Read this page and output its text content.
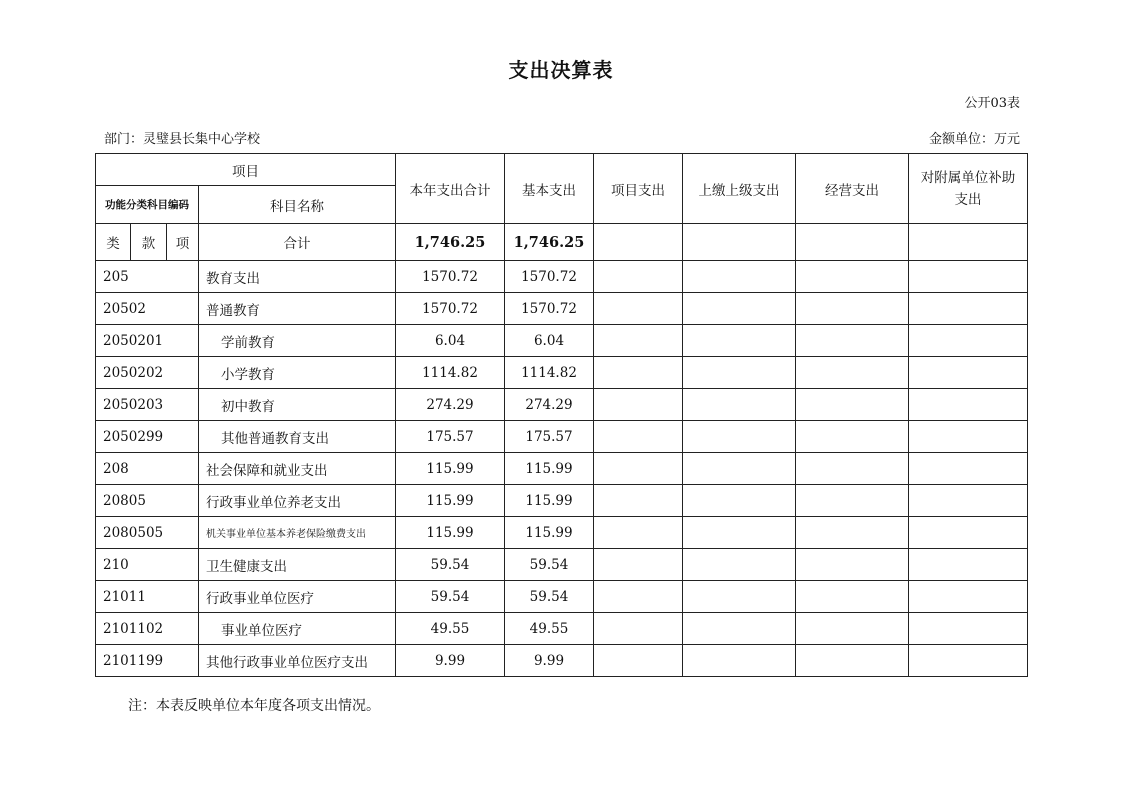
支出决算表
公开03表
部门：灵璧县长集中心学校	金额单位：万元
项目				本年支出合计	基本支出	项目支出	上缴上级支出	经营支出	对附属单位补助支出
功能分类科目编码			科目名称						
类	款	项	合计	1,746.25	1,746.25				
205			教育支出	1570.72	1570.72				
20502			普通教育	1570.72	1570.72				
2050201			学前教育	6.04	6.04				
2050202			小学教育	1114.82	1114.82				
2050203			初中教育	274.29	274.29				
2050299			其他普通教育支出	175.57	175.57				
208			社会保障和就业支出	115.99	115.99				
20805			行政事业单位养老支出	115.99	115.99				
2080505			机关事业单位基本养老保险缴费支出	115.99	115.99				
210			卫生健康支出	59.54	59.54				
21011			行政事业单位医疗	59.54	59.54				
2101102			事业单位医疗	49.55	49.55				
2101199			其他行政事业单位医疗支出	9.99	9.99				
注：本表反映单位本年度各项支出情况。
